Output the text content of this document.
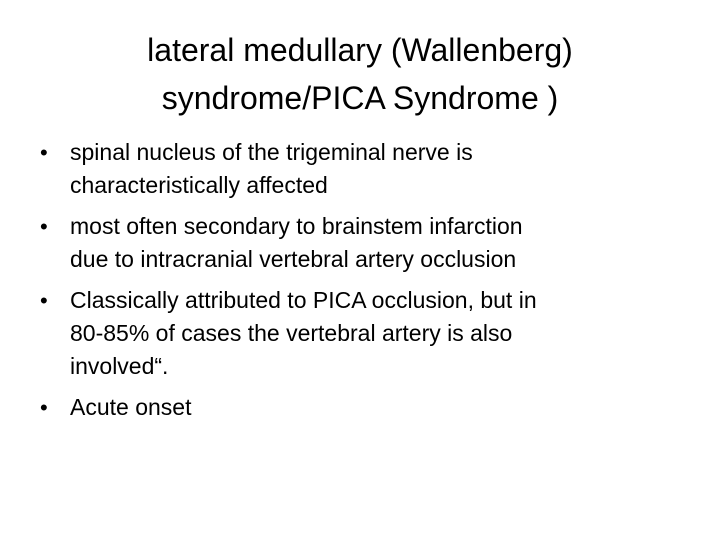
lateral medullary (Wallenberg)
syndrome/PICA Syndrome )
• spinal nucleus of the trigeminal nerve is
characteristically affected
• most often secondary to brainstem infarction
due to intracranial vertebral artery occlusion
• Classically attributed to PICA occlusion, but in
80-85% of cases the vertebral artery is also
involved“.
• Acute onset
